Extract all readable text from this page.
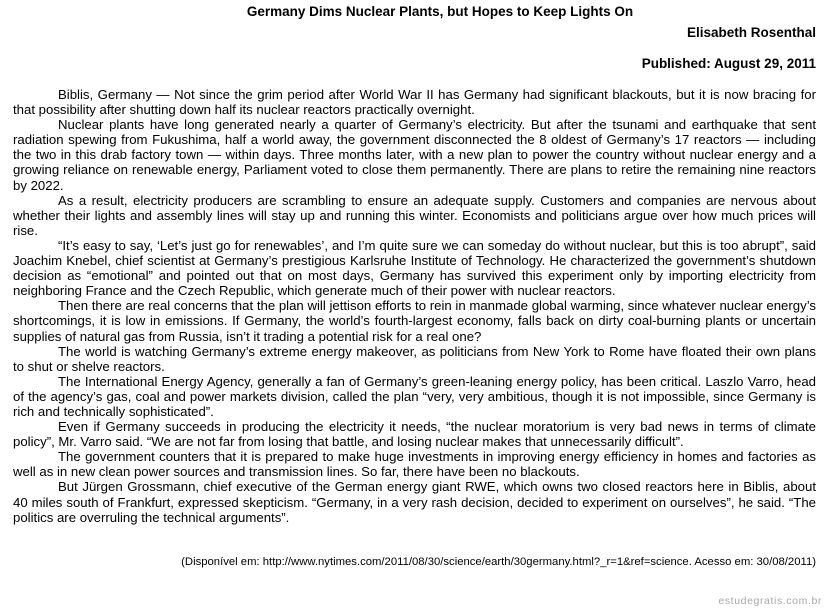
Germany Dims Nuclear Plants, but Hopes to Keep Lights On
Elisabeth Rosenthal
Published: August 29, 2011

Biblis, Germany — Not since the grim period after World War II has Germany had significant blackouts, but it is now bracing for that possibility after shutting down half its nuclear reactors practically overnight.

Nuclear plants have long generated nearly a quarter of Germany’s electricity. But after the tsunami and earthquake that sent radiation spewing from Fukushima, half a world away, the government disconnected the 8 oldest of Germany’s 17 reactors — including the two in this drab factory town — within days. Three months later, with a new plan to power the country without nuclear energy and a growing reliance on renewable energy, Parliament voted to close them permanently. There are plans to retire the remaining nine reactors by 2022.

As a result, electricity producers are scrambling to ensure an adequate supply. Customers and companies are nervous about whether their lights and assembly lines will stay up and running this winter. Economists and politicians argue over how much prices will rise.

“It’s easy to say, ‘Let’s just go for renewables’, and I’m quite sure we can someday do without nuclear, but this is too abrupt”, said Joachim Knebel, chief scientist at Germany’s prestigious Karlsruhe Institute of Technology. He characterized the government’s shutdown decision as “emotional” and pointed out that on most days, Germany has survived this experiment only by importing electricity from neighboring France and the Czech Republic, which generate much of their power with nuclear reactors.

Then there are real concerns that the plan will jettison efforts to rein in manmade global warming, since whatever nuclear energy’s shortcomings, it is low in emissions. If Germany, the world’s fourth-largest economy, falls back on dirty coal-burning plants or uncertain supplies of natural gas from Russia, isn’t it trading a potential risk for a real one?

The world is watching Germany’s extreme energy makeover, as politicians from New York to Rome have floated their own plans to shut or shelve reactors.

The International Energy Agency, generally a fan of Germany’s green-leaning energy policy, has been critical. Laszlo Varro, head of the agency’s gas, coal and power markets division, called the plan “very, very ambitious, though it is not impossible, since Germany is rich and technically sophisticated”.

Even if Germany succeeds in producing the electricity it needs, “the nuclear moratorium is very bad news in terms of climate policy”, Mr. Varro said. “We are not far from losing that battle, and losing nuclear makes that unnecessarily difficult”.

The government counters that it is prepared to make huge investments in improving energy efficiency in homes and factories as well as in new clean power sources and transmission lines. So far, there have been no blackouts.

But Jürgen Grossmann, chief executive of the German energy giant RWE, which owns two closed reactors here in Biblis, about 40 miles south of Frankfurt, expressed skepticism. “Germany, in a very rash decision, decided to experiment on ourselves”, he said. “The politics are overruling the technical arguments”.

(Disponível em: http://www.nytimes.com/2011/08/30/science/earth/30germany.html?_r=1&ref=science. Acesso em: 30/08/2011)
estudegratis.com.br
